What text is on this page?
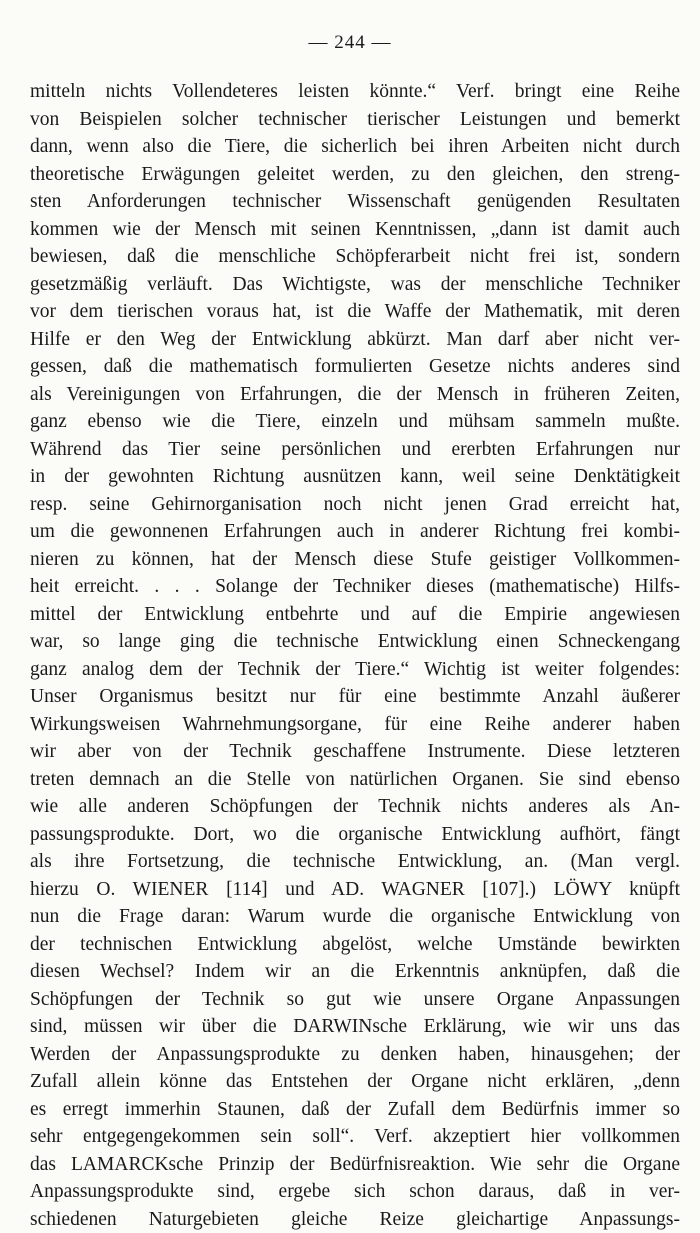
— 244 —
mitteln nichts Vollendeteres leisten könnte.“ Verf. bringt eine Reihe
von Beispielen solcher technischer tierischer Leistungen und bemerkt
dann, wenn also die Tiere, die sicherlich bei ihren Arbeiten nicht durch
theoretische Erwägungen geleitet werden, zu den gleichen, den streng-
sten Anforderungen technischer Wissenschaft genügenden Resultaten
kommen wie der Mensch mit seinen Kenntnissen, „dann ist damit auch
bewiesen, daß die menschliche Schöpferarbeit nicht frei ist, sondern
gesetzmäßig verläuft. Das Wichtigste, was der menschliche Techniker
vor dem tierischen voraus hat, ist die Waffe der Mathematik, mit deren
Hilfe er den Weg der Entwicklung abkürzt. Man darf aber nicht ver-
gessen, daß die mathematisch formulierten Gesetze nichts anderes sind
als Vereinigungen von Erfahrungen, die der Mensch in früheren Zeiten,
ganz ebenso wie die Tiere, einzeln und mühsam sammeln mußte.
Während das Tier seine persönlichen und ererbten Erfahrungen nur
in der gewohnten Richtung ausnützen kann, weil seine Denktätigkeit
resp. seine Gehirnorganisation noch nicht jenen Grad erreicht hat,
um die gewonnenen Erfahrungen auch in anderer Richtung frei kombi-
nieren zu können, hat der Mensch diese Stufe geistiger Vollkommen-
heit erreicht. . . . Solange der Techniker dieses (mathematische) Hilfs-
mittel der Entwicklung entbehrte und auf die Empirie angewiesen
war, so lange ging die technische Entwicklung einen Schneckengang
ganz analog dem der Technik der Tiere.“ Wichtig ist weiter folgendes:
Unser Organismus besitzt nur für eine bestimmte Anzahl äußerer
Wirkungsweisen Wahrnehmungsorgane, für eine Reihe anderer haben
wir aber von der Technik geschaffene Instrumente. Diese letzteren
treten demnach an die Stelle von natürlichen Organen. Sie sind ebenso
wie alle anderen Schöpfungen der Technik nichts anderes als An-
passungsprodukte. Dort, wo die organische Entwicklung aufhört, fängt
als ihre Fortsetzung, die technische Entwicklung, an. (Man vergl.
hierzu O. WIENER [114] und AD. WAGNER [107].) LÖWY knüpft
nun die Frage daran: Warum wurde die organische Entwicklung von
der technischen Entwicklung abgelöst, welche Umstände bewirkten
diesen Wechsel? Indem wir an die Erkenntnis anknüpfen, daß die
Schöpfungen der Technik so gut wie unsere Organe Anpassungen
sind, müssen wir über die DARWINsche Erklärung, wie wir uns das
Werden der Anpassungsprodukte zu denken haben, hinausgehen; der
Zufall allein könne das Entstehen der Organe nicht erklären, „denn
es erregt immerhin Staunen, daß der Zufall dem Bedürfnis immer so
sehr entgegengekommen sein soll“. Verf. akzeptiert hier vollkommen
das LAMARCKsche Prinzip der Bedürfnisreaktion. Wie sehr die Organe
Anpassungsprodukte sind, ergebe sich schon daraus, daß in ver-
schiedenen Naturgebieten gleiche Reize gleichartige Anpassungs-
